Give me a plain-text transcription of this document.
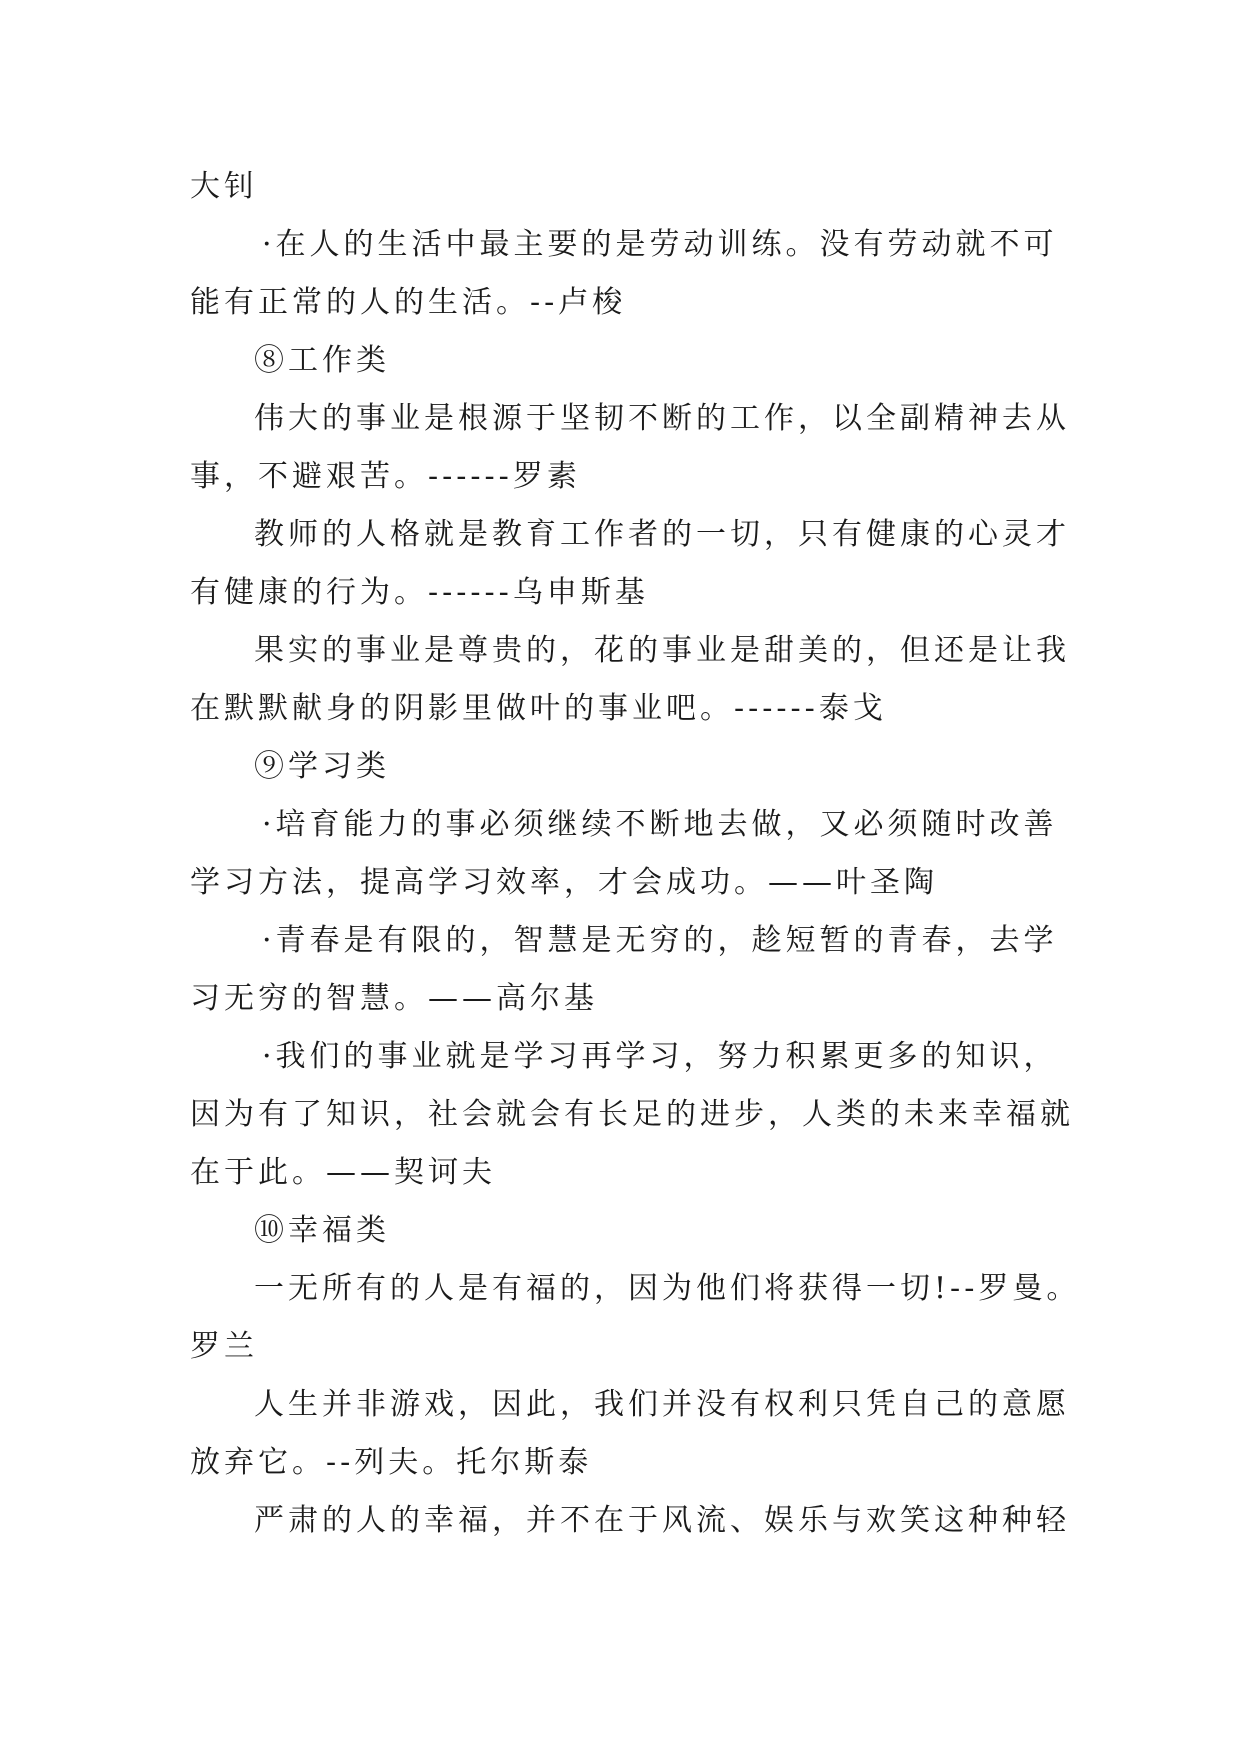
大钊
·在人的生活中最主要的是劳动训练。没有劳动就不可
能有正常的人的生活。--卢梭
⑧工作类
伟大的事业是根源于坚韧不断的工作，以全副精神去从
事，不避艰苦。------罗素
教师的人格就是教育工作者的一切，只有健康的心灵才
有健康的行为。------乌申斯基
果实的事业是尊贵的，花的事业是甜美的，但还是让我
在默默献身的阴影里做叶的事业吧。------泰戈
⑨学习类
·培育能力的事必须继续不断地去做，又必须随时改善
学习方法，提高学习效率，才会成功。——叶圣陶
·青春是有限的，智慧是无穷的，趁短暂的青春，去学
习无穷的智慧。——高尔基
·我们的事业就是学习再学习，努力积累更多的知识，
因为有了知识，社会就会有长足的进步，人类的未来幸福就
在于此。——契诃夫
⑩幸福类
一无所有的人是有福的，因为他们将获得一切!--罗曼。
罗兰
人生并非游戏，因此，我们并没有权利只凭自己的意愿
放弃它。--列夫。托尔斯泰
严肃的人的幸福，并不在于风流、娱乐与欢笑这种种轻
